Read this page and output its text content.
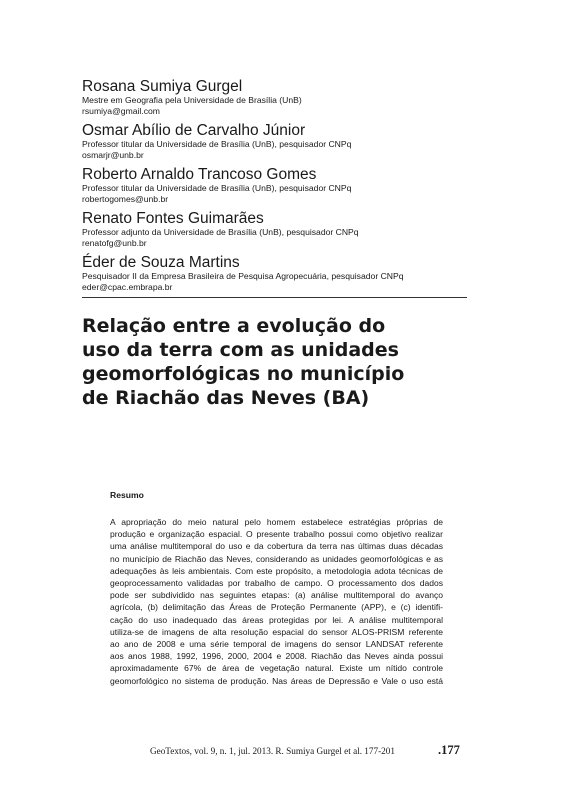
Rosana Sumiya Gurgel
Mestre em Geografia pela Universidade de Brasília (UnB)
rsumiya@gmail.com
Osmar Abílio de Carvalho Júnior
Professor titular da Universidade de Brasília (UnB), pesquisador CNPq
osmarjr@unb.br
Roberto Arnaldo Trancoso Gomes
Professor titular da Universidade de Brasília (UnB), pesquisador CNPq
robertogomes@unb.br
Renato Fontes Guimarães
Professor adjunto da Universidade de Brasília (UnB), pesquisador CNPq
renatofg@unb.br
Éder de Souza Martins
Pesquisador II da Empresa Brasileira de Pesquisa Agropecuária, pesquisador CNPq
eder@cpac.embrapa.br
Relação entre a evolução do
uso da terra com as unidades
geomorfológicas no município
de Riachão das Neves (BA)
Resumo
A apropriação do meio natural pelo homem estabelece estratégias próprias de
produção e organização espacial. O presente trabalho possui como objetivo realizar
uma análise multitemporal do uso e da cobertura da terra nas últimas duas décadas
no município de Riachão das Neves, considerando as unidades geomorfológicas e as
adequações às leis ambientais. Com este propósito, a metodologia adota técnicas de
geoprocessamento validadas por trabalho de campo. O processamento dos dados
pode ser subdividido nas seguintes etapas: (a) análise multitemporal do avanço
agrícola, (b) delimitação das Áreas de Proteção Permanente (APP), e (c) identifi-
cação do uso inadequado das áreas protegidas por lei. A análise multitemporal
utiliza-se de imagens de alta resolução espacial do sensor ALOS-PRISM referente
ao ano de 2008 e uma série temporal de imagens do sensor LANDSAT referente
aos anos 1988, 1992, 1996, 2000, 2004 e 2008. Riachão das Neves ainda possui
aproximadamente 67% de área de vegetação natural. Existe um nítido controle
geomorfológico no sistema de produção. Nas áreas de Depressão e Vale o uso está
GeoTextos, vol. 9, n. 1, jul. 2013. R. Sumiya Gurgel et al. 177-201	.177
